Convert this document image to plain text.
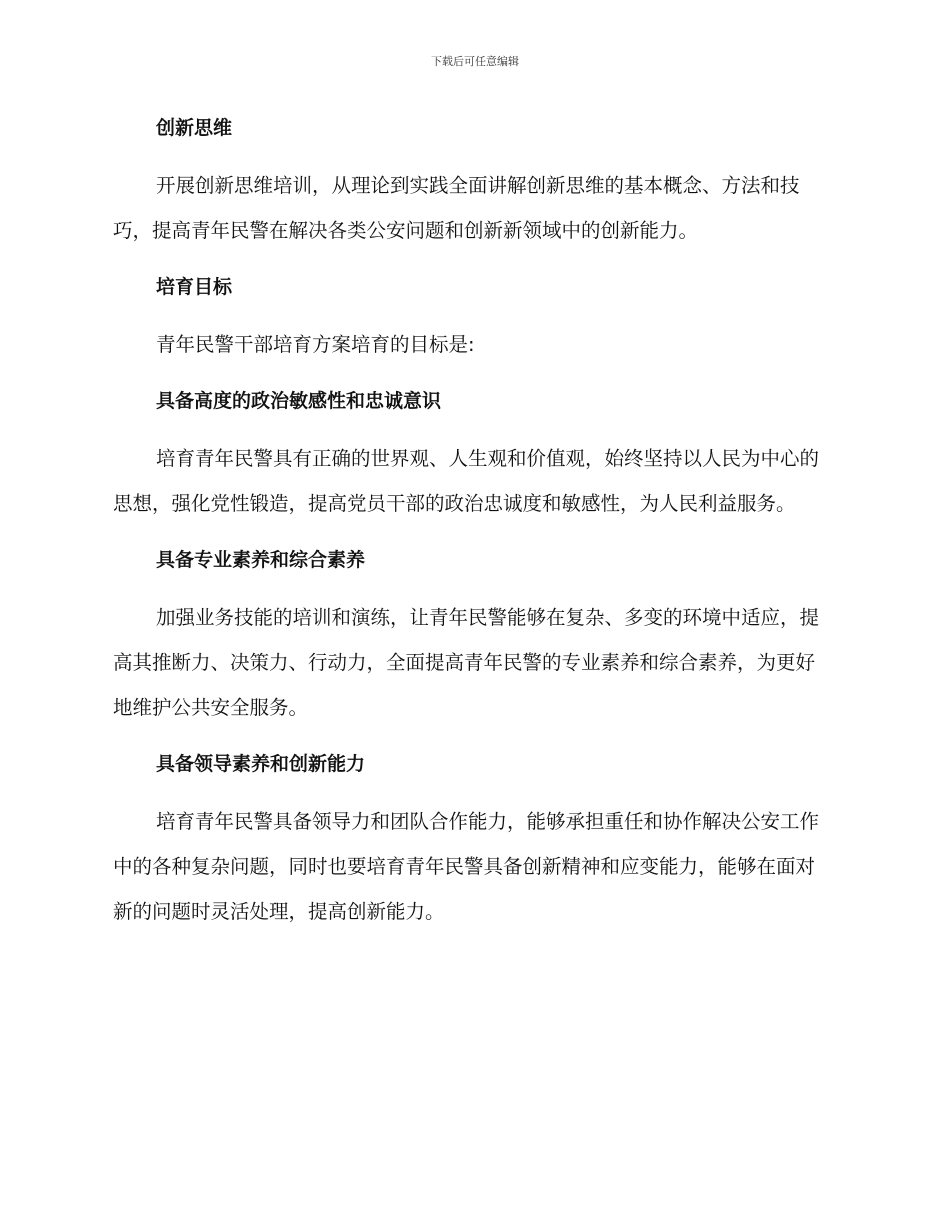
下载后可任意编辑
创新思维
开展创新思维培训，从理论到实践全面讲解创新思维的基本概念、方法和技巧，提高青年民警在解决各类公安问题和创新新领域中的创新能力。
培育目标
青年民警干部培育方案培育的目标是:
具备高度的政治敏感性和忠诚意识
培育青年民警具有正确的世界观、人生观和价值观，始终坚持以人民为中心的思想，强化党性锻造，提高党员干部的政治忠诚度和敏感性，为人民利益服务。
具备专业素养和综合素养
加强业务技能的培训和演练，让青年民警能够在复杂、多变的环境中适应，提高其推断力、决策力、行动力，全面提高青年民警的专业素养和综合素养，为更好地维护公共安全服务。
具备领导素养和创新能力
培育青年民警具备领导力和团队合作能力，能够承担重任和协作解决公安工作中的各种复杂问题，同时也要培育青年民警具备创新精神和应变能力，能够在面对新的问题时灵活处理，提高创新能力。
